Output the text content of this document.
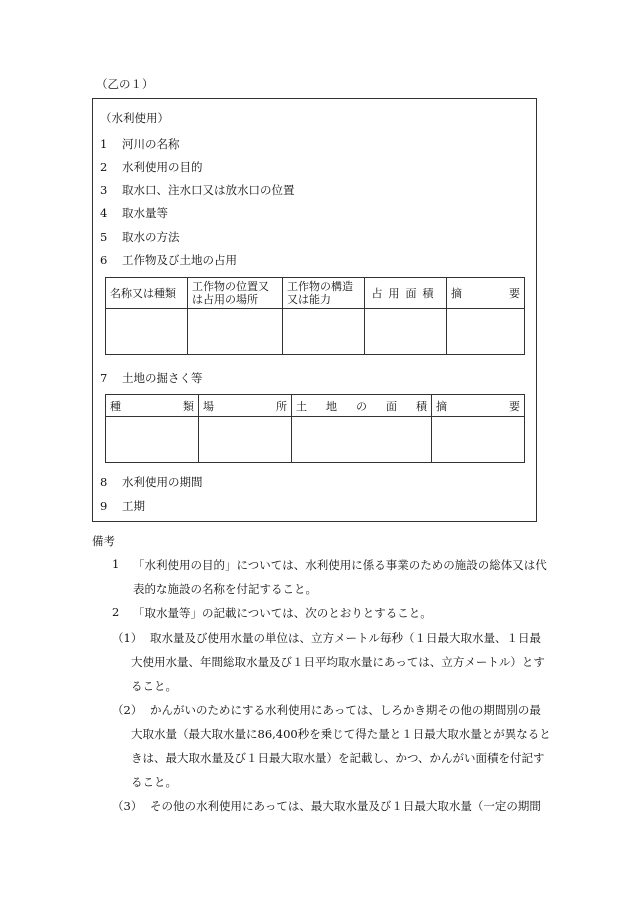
（乙の１）
（水利使用）
1 河川の名称
2 水利使用の目的
3 取水口、注水口又は放水口の位置
4 取水量等
5 取水の方法
6 工作物及び土地の占用
名称又は種類	工作物の位置又は占用の場所	工作物の構造又は能力	占用面積	摘 要

7 土地の掘さく等
種 類	場 所	土 地 の 面 積	摘 要

8 水利使用の期間
9 工期
備考
1 「水利使用の目的」については、水利使用に係る事業のための施設の総体又は代
表的な施設の名称を付記すること。
2 「取水量等」の記載については、次のとおりとすること。
（1） 取水量及び使用水量の単位は、立方メートル毎秒（１日最大取水量、１日最
大使用水量、年間総取水量及び１日平均取水量にあっては、立方メートル）とす
ること。
（2） かんがいのためにする水利使用にあっては、しろかき期その他の期間別の最
大取水量（最大取水量に86,400秒を乗じて得た量と１日最大取水量とが異なると
きは、最大取水量及び１日最大取水量）を記載し、かつ、かんがい面積を付記す
ること。
（3） その他の水利使用にあっては、最大取水量及び１日最大取水量（一定の期間
